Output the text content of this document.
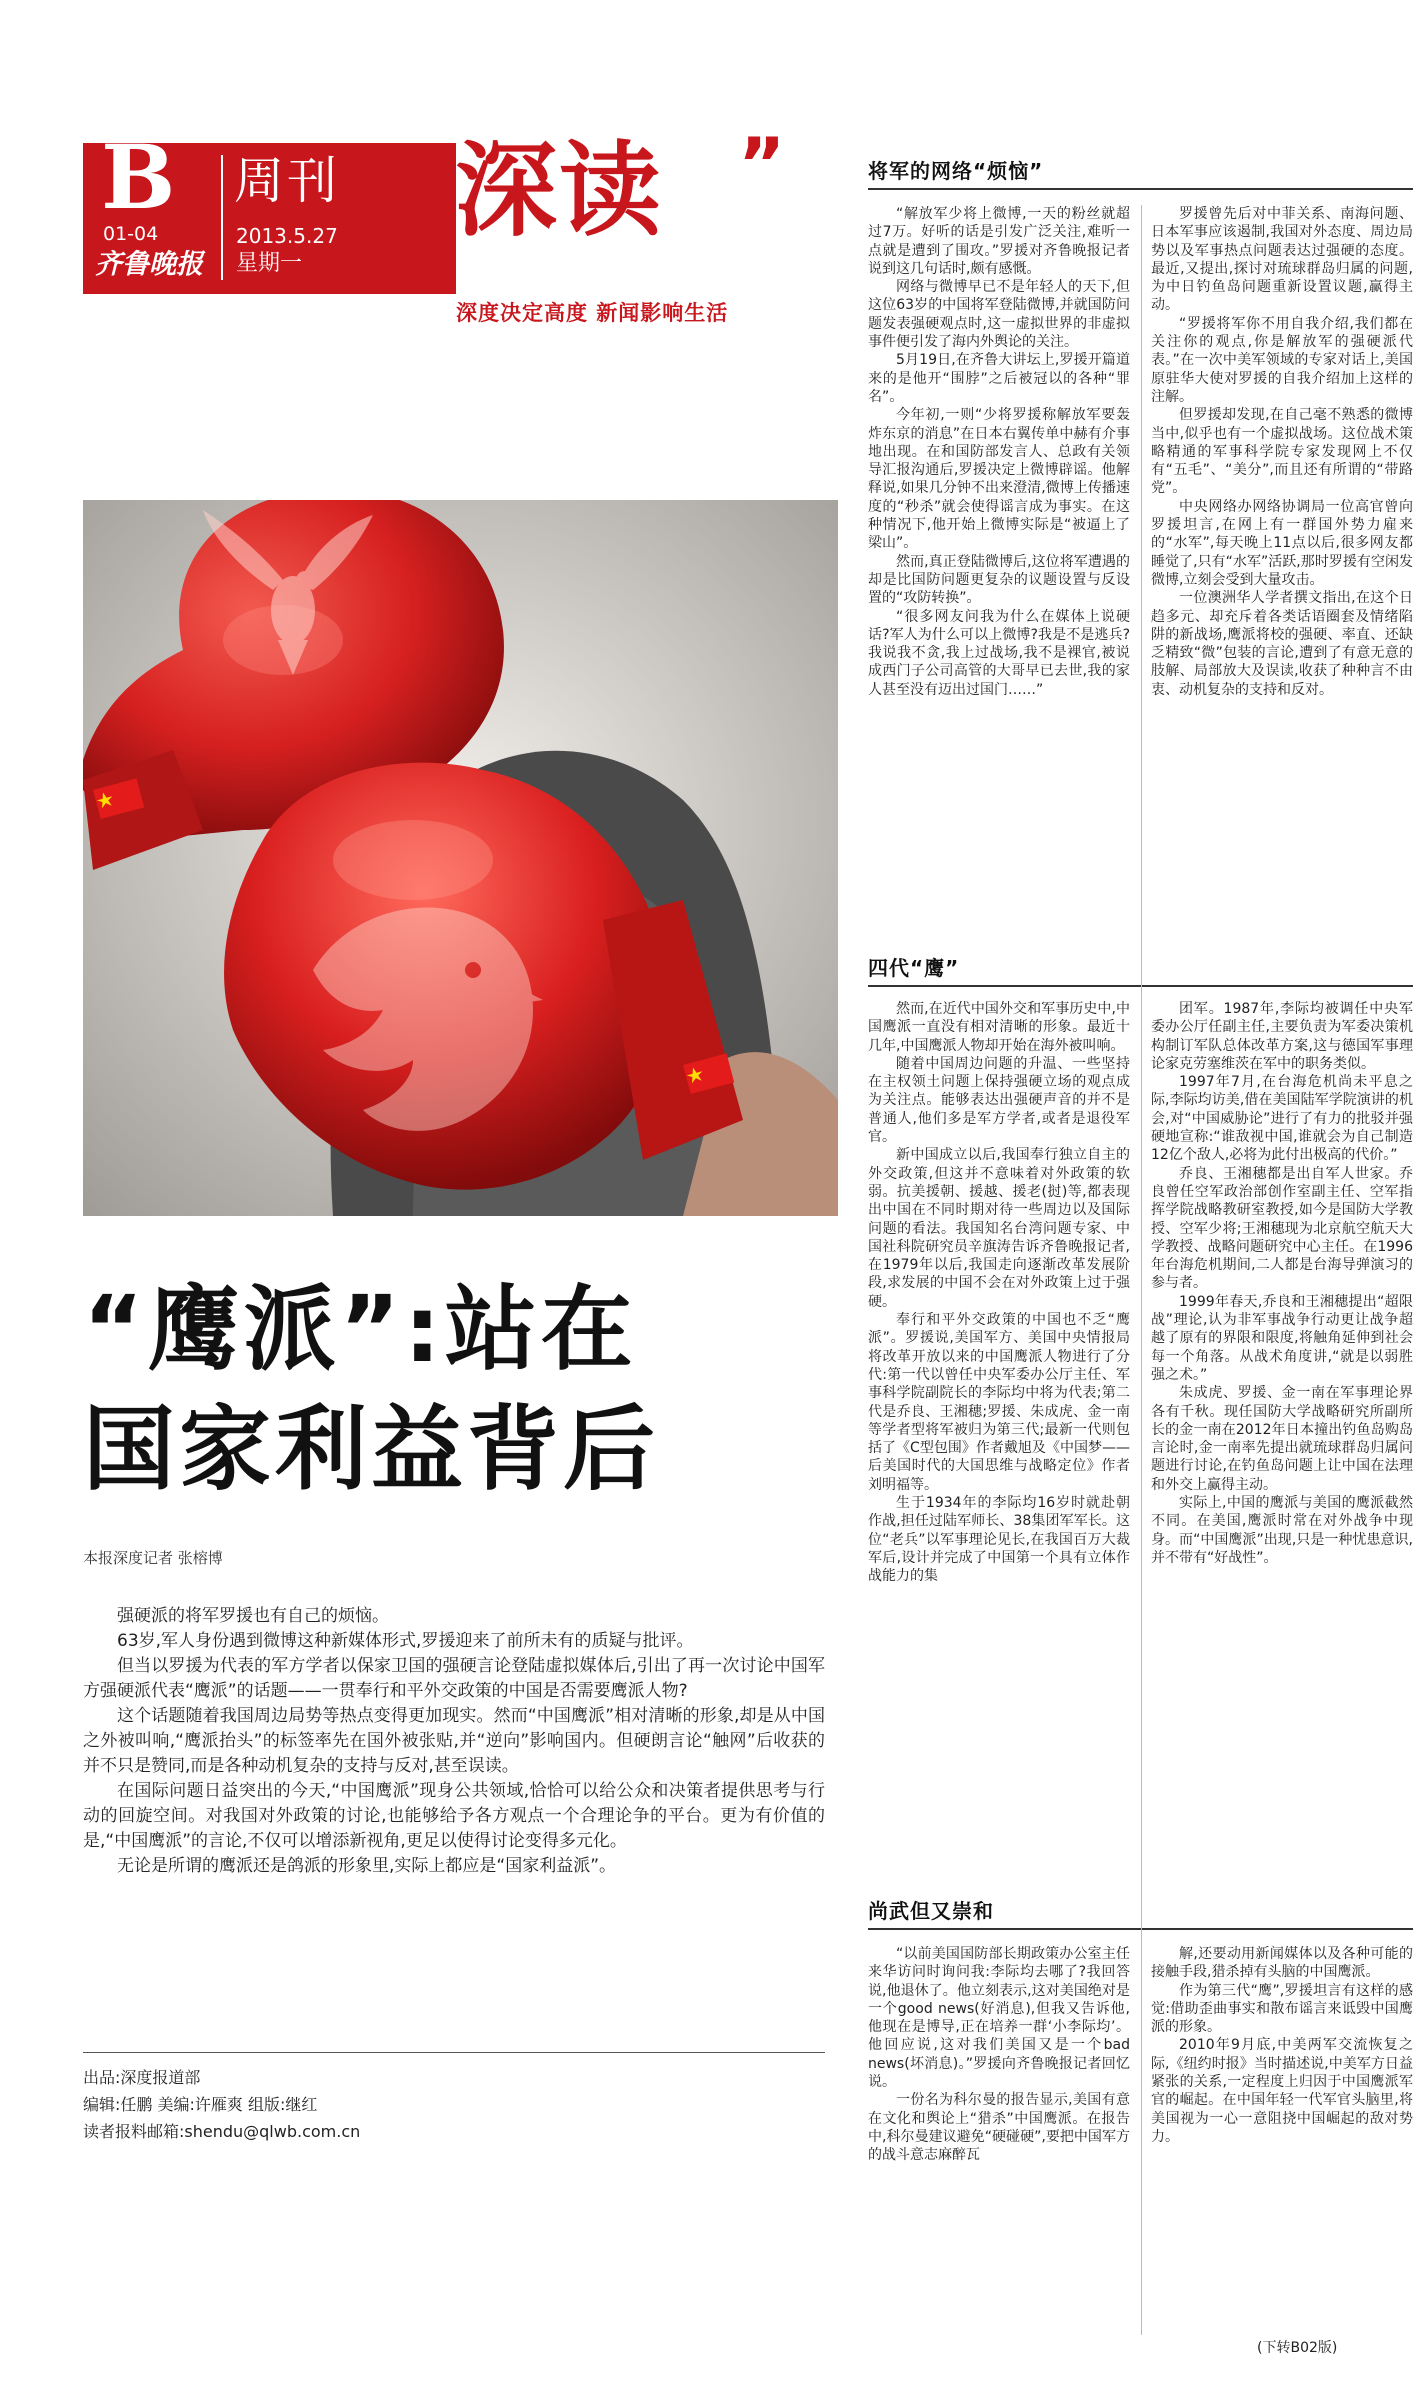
B
01-04
齐鲁晚报
周刊
2013.5.27
星期一
深读 ”
深度决定高度 新闻影响生活
“鹰派”:站在
国家利益背后
本报深度记者 张榕博

强硬派的将军罗援也有自己的烦恼。

63岁,军人身份遇到微博这种新媒体形式,罗援迎来了前所未有的质疑与批评。

但当以罗援为代表的军方学者以保家卫国的强硬言论登陆虚拟媒体后,引出了再一次讨论中国军方强硬派代表“鹰派”的话题——一贯奉行和平外交政策的中国是否需要鹰派人物?

这个话题随着我国周边局势等热点变得更加现实。然而“中国鹰派”相对清晰的形象,却是从中国之外被叫响,“鹰派抬头”的标签率先在国外被张贴,并“逆向”影响国内。但硬朗言论“触网”后收获的并不只是赞同,而是各种动机复杂的支持与反对,甚至误读。

在国际问题日益突出的今天,“中国鹰派”现身公共领域,恰恰可以给公众和决策者提供思考与行动的回旋空间。对我国对外政策的讨论,也能够给予各方观点一个合理论争的平台。更为有价值的是,“中国鹰派”的言论,不仅可以增添新视角,更足以使得讨论变得多元化。

无论是所谓的鹰派还是鸽派的形象里,实际上都应是“国家利益派”。

出品:深度报道部
编辑:任鹏 美编:许雁爽 组版:继红
读者报料邮箱:shendu@qlwb.com.cn
将军的网络“烦恼”

“解放军少将上微博,一天的粉丝就超过7万。好听的话是引发广泛关注,难听一点就是遭到了围攻。”罗援对齐鲁晚报记者说到这几句话时,颇有感慨。

网络与微博早已不是年轻人的天下,但这位63岁的中国将军登陆微博,并就国防问题发表强硬观点时,这一虚拟世界的非虚拟事件便引发了海内外舆论的关注。

5月19日,在齐鲁大讲坛上,罗援开篇道来的是他开“围脖”之后被冠以的各种“罪名”。

今年初,一则“少将罗援称解放军要轰炸东京的消息”在日本右翼传单中赫有介事地出现。在和国防部发言人、总政有关领导汇报沟通后,罗援决定上微博辟谣。他解释说,如果几分钟不出来澄清,微博上传播速度的“秒杀”就会使得谣言成为事实。在这种情况下,他开始上微博实际是“被逼上了梁山”。

然而,真正登陆微博后,这位将军遭遇的却是比国防问题更复杂的议题设置与反设置的“攻防转换”。

“很多网友问我为什么在媒体上说硬话?军人为什么可以上微博?我是不是逃兵?我说我不贪,我上过战场,我不是裸官,被说成西门子公司高管的大哥早已去世,我的家人甚至没有迈出过国门……”

罗援曾先后对中菲关系、南海问题、日本军事应该遏制,我国对外态度、周边局势以及军事热点问题表达过强硬的态度。最近,又提出,探讨对琉球群岛归属的问题,为中日钓鱼岛问题重新设置议题,赢得主动。

“罗援将军你不用自我介绍,我们都在关注你的观点,你是解放军的强硬派代表。”在一次中美军领域的专家对话上,美国原驻华大使对罗援的自我介绍加上这样的注解。

但罗援却发现,在自己毫不熟悉的微博当中,似乎也有一个虚拟战场。这位战术策略精通的军事科学院专家发现网上不仅有“五毛”、“美分”,而且还有所谓的“带路党”。

中央网络办网络协调局一位高官曾向罗援坦言,在网上有一群国外势力雇来的“水军”,每天晚上11点以后,很多网友都睡觉了,只有“水军”活跃,那时罗援有空闲发微博,立刻会受到大量攻击。

一位澳洲华人学者撰文指出,在这个日趋多元、却充斥着各类话语圈套及情绪陷阱的新战场,鹰派将校的强硬、率直、还缺乏精致“微”包装的言论,遭到了有意无意的肢解、局部放大及误读,收获了种种言不由衷、动机复杂的支持和反对。

四代“鹰”

然而,在近代中国外交和军事历史中,中国鹰派一直没有相对清晰的形象。最近十几年,中国鹰派人物却开始在海外被叫响。

随着中国周边问题的升温、一些坚持在主权领土问题上保持强硬立场的观点成为关注点。能够表达出强硬声音的并不是普通人,他们多是军方学者,或者是退役军官。

新中国成立以后,我国奉行独立自主的外交政策,但这并不意味着对外政策的软弱。抗美援朝、援越、援老(挝)等,都表现出中国在不同时期对待一些周边以及国际问题的看法。我国知名台湾问题专家、中国社科院研究员辛旗涛告诉齐鲁晚报记者,在1979年以后,我国走向逐渐改革发展阶段,求发展的中国不会在对外政策上过于强硬。

奉行和平外交政策的中国也不乏“鹰派”。罗援说,美国军方、美国中央情报局将改革开放以来的中国鹰派人物进行了分代:第一代以曾任中央军委办公厅主任、军事科学院副院长的李际均中将为代表;第二代是乔良、王湘穗;罗援、朱成虎、金一南等学者型将军被归为第三代;最新一代则包括了《C型包围》作者戴旭及《中国梦——后美国时代的大国思维与战略定位》作者刘明福等。

生于1934年的李际均16岁时就赴朝作战,担任过陆军师长、38集团军军长。这位“老兵”以军事理论见长,在我国百万大裁军后,设计并完成了中国第一个具有立体作战能力的集

团军。1987年,李际均被调任中央军委办公厅任副主任,主要负责为军委决策机构制订军队总体改革方案,这与德国军事理论家克劳塞维茨在军中的职务类似。

1997年7月,在台海危机尚未平息之际,李际均访美,借在美国陆军学院演讲的机会,对“中国威胁论”进行了有力的批驳并强硬地宣称:“谁敌视中国,谁就会为自己制造12亿个敌人,必将为此付出极高的代价。”

乔良、王湘穗都是出自军人世家。乔良曾任空军政治部创作室副主任、空军指挥学院战略教研室教授,如今是国防大学教授、空军少将;王湘穗现为北京航空航天大学教授、战略问题研究中心主任。在1996年台海危机期间,二人都是台海导弹演习的参与者。

1999年春天,乔良和王湘穗提出“超限战”理论,认为非军事战争行动更让战争超越了原有的界限和限度,将触角延伸到社会每一个角落。从战术角度讲,“就是以弱胜强之术。”

朱成虎、罗援、金一南在军事理论界各有千秋。现任国防大学战略研究所副所长的金一南在2012年日本撞出钓鱼岛购岛言论时,金一南率先提出就琉球群岛归属问题进行讨论,在钓鱼岛问题上让中国在法理和外交上赢得主动。

实际上,中国的鹰派与美国的鹰派截然不同。在美国,鹰派时常在对外战争中现身。而“中国鹰派”出现,只是一种忧患意识,并不带有“好战性”。

尚武但又崇和

“以前美国国防部长期政策办公室主任来华访问时询问我:李际均去哪了?我回答说,他退休了。他立刻表示,这对美国绝对是一个good news(好消息),但我又告诉他,他现在是博导,正在培养一群‘小李际均’。他回应说,这对我们美国又是一个bad news(坏消息)。”罗援向齐鲁晚报记者回忆说。

一份名为科尔曼的报告显示,美国有意在文化和舆论上“猎杀”中国鹰派。在报告中,科尔曼建议避免“硬碰硬”,要把中国军方的战斗意志麻醉瓦

解,还要动用新闻媒体以及各种可能的接触手段,猎杀掉有头脑的中国鹰派。

作为第三代“鹰”,罗援坦言有这样的感觉:借助歪曲事实和散布谣言来诋毁中国鹰派的形象。

2010年9月底,中美两军交流恢复之际,《纽约时报》当时描述说,中美军方日益紧张的关系,一定程度上归因于中国鹰派军官的崛起。在中国年轻一代军官头脑里,将美国视为一心一意阻挠中国崛起的敌对势力。

(下转B02版)
